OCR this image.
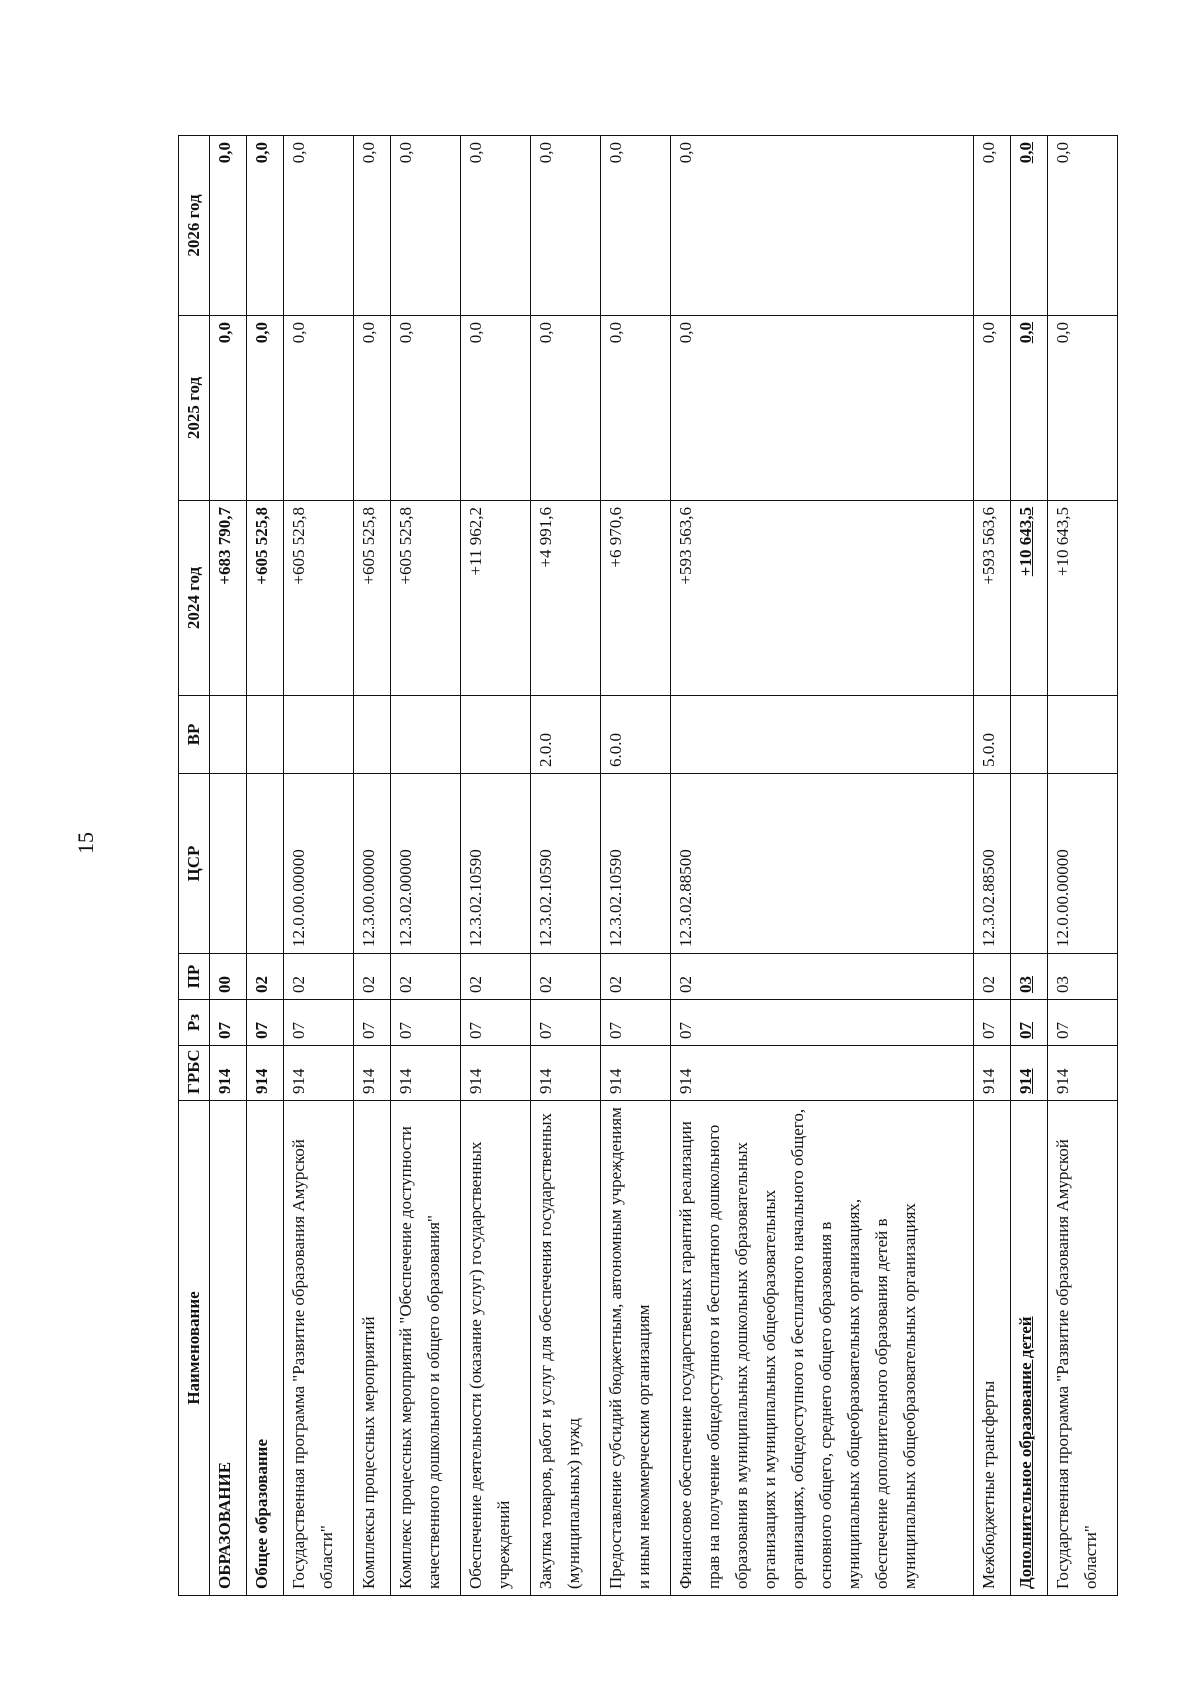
15
Наименование	ГРБС	Рз	ПР	ЦСР	ВР	2024 год	2025 год	2026 год
ОБРАЗОВАНИЕ	914	07	00			+683 790,7	0,0	0,0
Общее образование	914	07	02			+605 525,8	0,0	0,0
Государственная программа "Развитие образования Амурской области"	914	07	02	12.0.00.00000		+605 525,8	0,0	0,0
Комплексы процессных мероприятий	914	07	02	12.3.00.00000		+605 525,8	0,0	0,0
Комплекс процессных мероприятий "Обеспечение доступности качественного дошкольного и общего образования"	914	07	02	12.3.02.00000		+605 525,8	0,0	0,0
Обеспечение деятельности (оказание услуг) государственных учреждений	914	07	02	12.3.02.10590		+11 962,2	0,0	0,0
Закупка товаров, работ и услуг для обеспечения государственных (муниципальных) нужд	914	07	02	12.3.02.10590	2.0.0	+4 991,6	0,0	0,0
Предоставление субсидий бюджетным, автономным учреждениям и иным некоммерческим организациям	914	07	02	12.3.02.10590	6.0.0	+6 970,6	0,0	0,0
Финансовое обеспечение государственных гарантий реализации прав на получение общедоступного и бесплатного дошкольного образования в муниципальных дошкольных образовательных организациях и муниципальных общеобразовательных организациях, общедоступного и бесплатного начального общего, основного общего, среднего общего образования в муниципальных общеобразовательных организациях, обеспечение дополнительного образования детей в муниципальных общеобразовательных организациях	914	07	02	12.3.02.88500		+593 563,6	0,0	0,0
Межбюджетные трансферты	914	07	02	12.3.02.88500	5.0.0	+593 563,6	0,0	0,0
Дополнительное образование детей	914	07	03			+10 643,5	0,0	0,0
Государственная программа "Развитие образования Амурской области"	914	07	03	12.0.00.00000		+10 643,5	0,0	0,0
